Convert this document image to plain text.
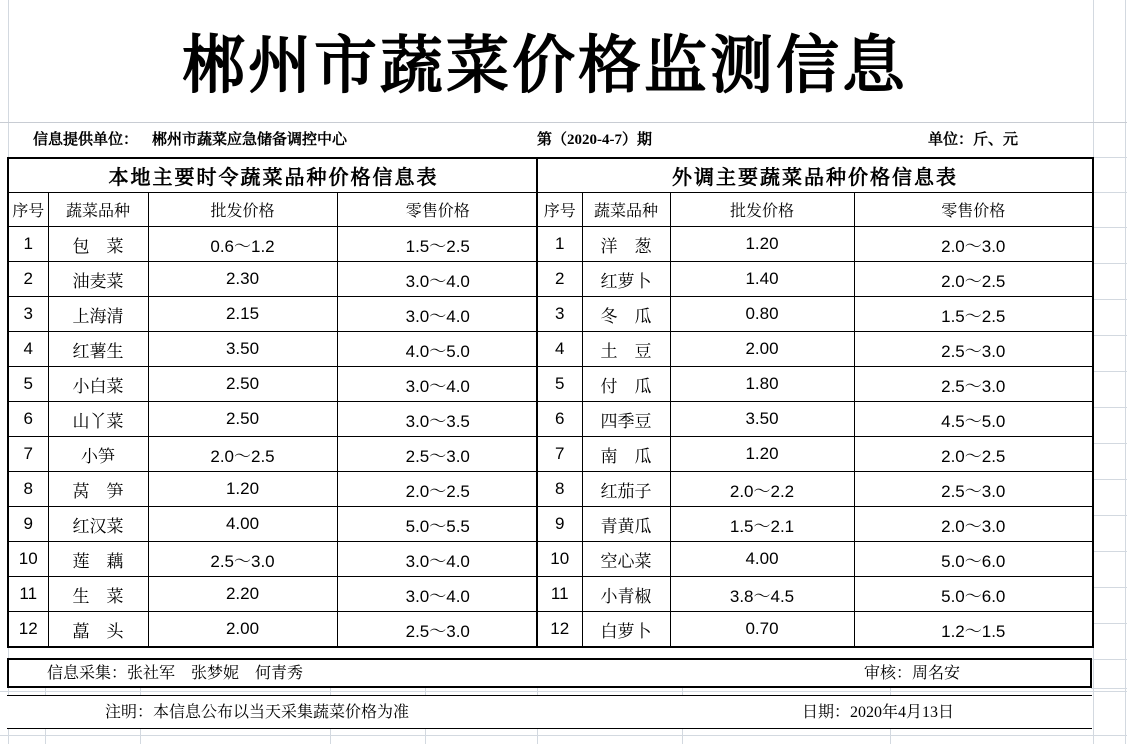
郴州市蔬菜价格监测信息
信息提供单位： 郴州市蔬菜应急储备调控中心	第（2020-4-7）期	单位：斤、元
本地主要时令蔬菜品种价格信息表			
序号	蔬菜品种	批发价格	零售价格
1	包　菜	0.6～1.2	1.5～2.5
2	油麦菜	2.30	3.0～4.0
3	上海清	2.15	3.0～4.0
4	红薯生	3.50	4.0～5.0
5	小白菜	2.50	3.0～4.0
6	山丫菜	2.50	3.0～3.5
7	小笋	2.0～2.5	2.5～3.0
8	莴　笋	1.20	2.0～2.5
9	红汉菜	4.00	5.0～5.5
10	莲　藕	2.5～3.0	3.0～4.0
11	生　菜	2.20	3.0～4.0
12	藠　头	2.00	2.5～3.0
外调主要蔬菜品种价格信息表			
序号	蔬菜品种	批发价格	零售价格
1	洋　葱	1.20	2.0～3.0
2	红萝卜	1.40	2.0～2.5
3	冬　瓜	0.80	1.5～2.5
4	土　豆	2.00	2.5～3.0
5	付　瓜	1.80	2.5～3.0
6	四季豆	3.50	4.5～5.0
7	南　瓜	1.20	2.0～2.5
8	红茄子	2.0～2.2	2.5～3.0
9	青黄瓜	1.5～2.1	2.0～3.0
10	空心菜	4.00	5.0～6.0
11	小青椒	3.8～4.5	5.0～6.0
12	白萝卜	0.70	1.2～1.5
信息采集：张社军　张梦妮　何青秀	审核：周名安
注明：本信息公布以当天采集蔬菜价格为准	日期：2020年4月13日
